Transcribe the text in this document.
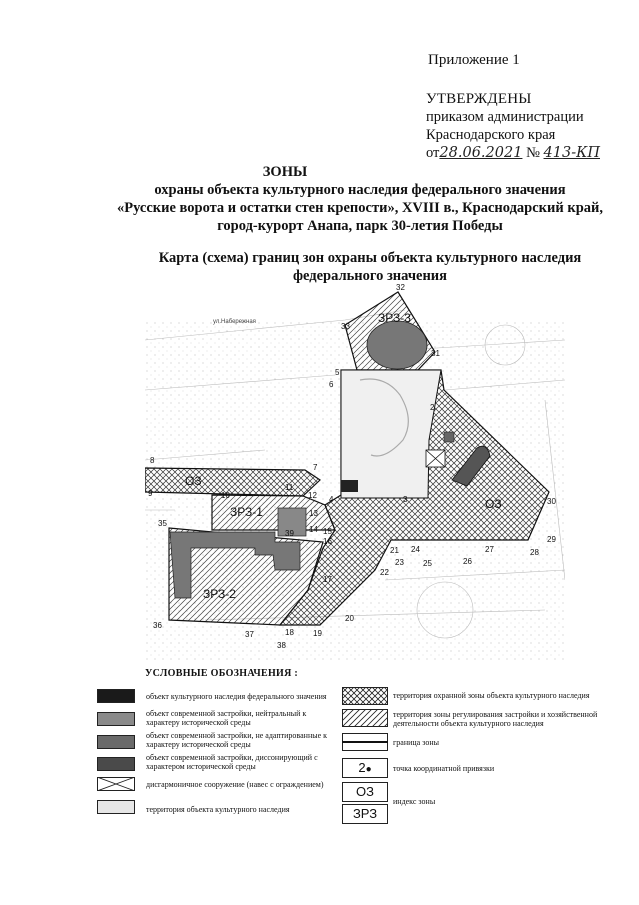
Приложение 1
УТВЕРЖДЕНЫ
приказом администрации
Краснодарского края
от28.06.2021 № 413-КП
ЗОНЫ
охраны объекта культурного наследия федерального значения
«Русские ворота и остатки стен крепости», XVIII в., Краснодарский край,
город-курорт Анапа, парк 30-летия Победы
Карта (схема) границ зон охраны объекта культурного наследия
федерального значения
ул.Набережная	ЗРЗ-3
ОЗ
ОЗ
ЗРЗ-1
ЗРЗ-2
2
3
4
5
6
7
8
9	10
11
12
13
14 15
16
17
18 19
20
21
22
23
24
25	26
27	28
29
30
31
32
33
35
36
37
38
39
УСЛОВНЫЕ ОБОЗНАЧЕНИЯ :
объект культурного наследия федерального значения
объект современной застройки, нейтральный к характеру исторической среды
объект современной застройки, не адаптированные к характеру исторической среды
объект современной застройки, диссонирующий с характером исторической среды
дисгармоничное сооружение (навес с ограждением)
территория объекта культурного наследия
территория охранной зоны объекта культурного наследия
территория зоны регулирования застройки и хозяйственной деятельности объекта культурного наследия
граница зоны
2●	точка координатной привязки
ОЗ
ЗРЗ
индекс зоны
